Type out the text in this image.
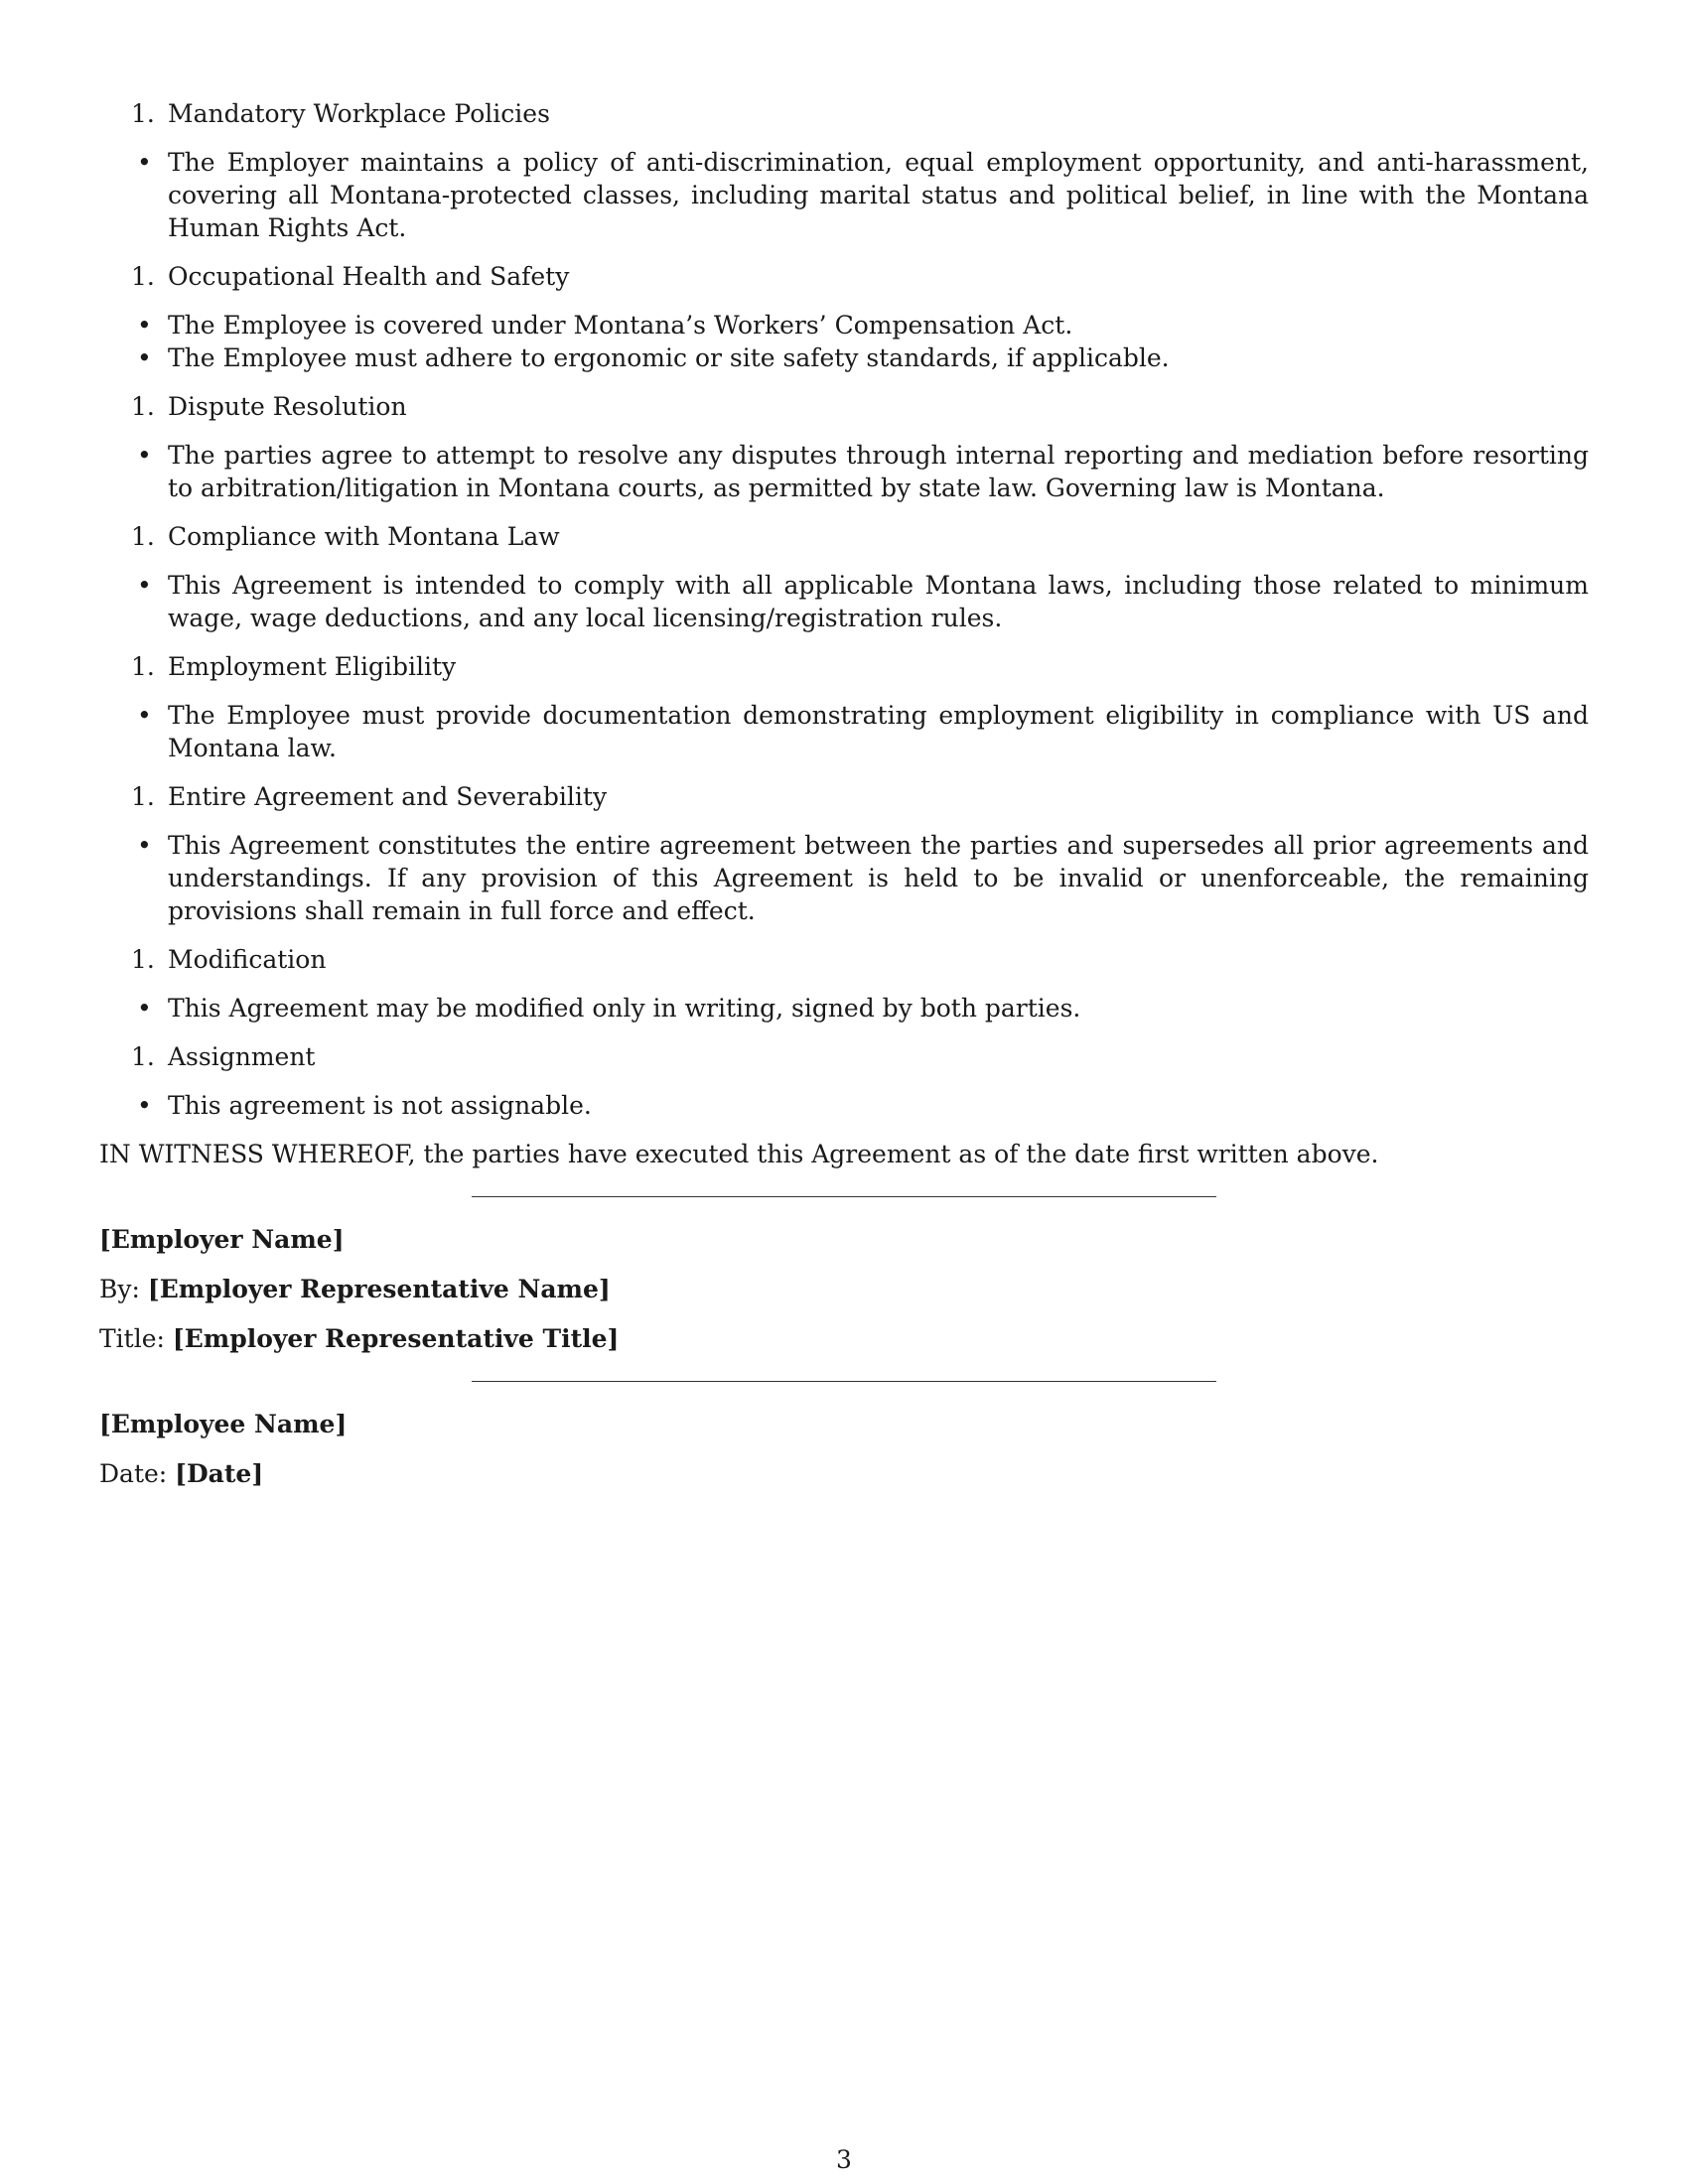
1. Mandatory Workplace Policies
• The Employer maintains a policy of anti-discrimination, equal employment opportunity, and anti-harassment, covering all Montana-protected classes, including marital status and political belief, in line with the Montana Human Rights Act.
1. Occupational Health and Safety
• The Employee is covered under Montana’s Workers’ Compensation Act.
• The Employee must adhere to ergonomic or site safety standards, if applicable.
1. Dispute Resolution
• The parties agree to attempt to resolve any disputes through internal reporting and mediation before resorting to arbitration/litigation in Montana courts, as permitted by state law. Governing law is Montana.
1. Compliance with Montana Law
• This Agreement is intended to comply with all applicable Montana laws, including those related to minimum wage, wage deductions, and any local licensing/registration rules.
1. Employment Eligibility
• The Employee must provide documentation demonstrating employment eligibility in compliance with US and Montana law.
1. Entire Agreement and Severability
• This Agreement constitutes the entire agreement between the parties and supersedes all prior agreements and understandings. If any provision of this Agreement is held to be invalid or unenforceable, the remaining provisions shall remain in full force and effect.
1. Modification
• This Agreement may be modified only in writing, signed by both parties.
1. Assignment
• This agreement is not assignable.
IN WITNESS WHEREOF, the parties have executed this Agreement as of the date first written above.
[Employer Name]
By: [Employer Representative Name]
Title: [Employer Representative Title]
[Employee Name]
Date: [Date]
3
